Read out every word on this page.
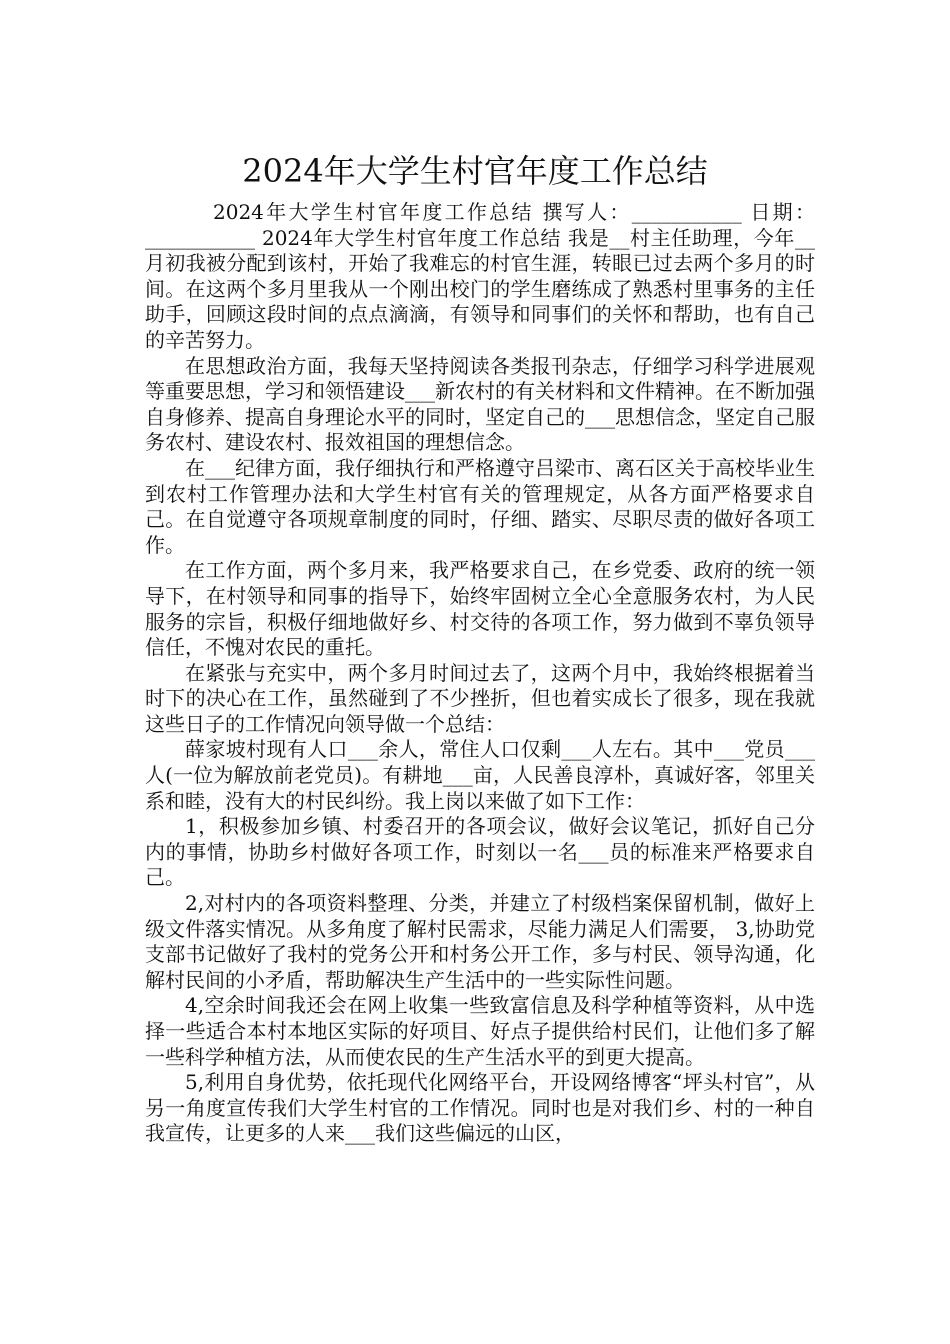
2024年大学生村官年度工作总结

2024年大学生村官年度工作总结 撰写人：___________ 日期：___________ 2024年大学生村官年度工作总结 我是__村主任助理，今年__月初我被分配到该村，开始了我难忘的村官生涯，转眼已过去两个多月的时间。在这两个多月里我从一个刚出校门的学生磨练成了熟悉村里事务的主任助手，回顾这段时间的点点滴滴，有领导和同事们的关怀和帮助，也有自己的辛苦努力。

在思想政治方面，我每天坚持阅读各类报刊杂志，仔细学习科学进展观等重要思想，学习和领悟建设___新农村的有关材料和文件精神。在不断加强自身修养、提高自身理论水平的同时，坚定自己的___思想信念，坚定自己服务农村、建设农村、报效祖国的理想信念。

在___纪律方面，我仔细执行和严格遵守吕梁市、离石区关于高校毕业生到农村工作管理办法和大学生村官有关的管理规定，从各方面严格要求自己。在自觉遵守各项规章制度的同时，仔细、踏实、尽职尽责的做好各项工作。

在工作方面，两个多月来，我严格要求自己，在乡党委、政府的统一领导下，在村领导和同事的指导下，始终牢固树立全心全意服务农村，为人民服务的宗旨，积极仔细地做好乡、村交待的各项工作，努力做到不辜负领导信任，不愧对农民的重托。

在紧张与充实中，两个多月时间过去了，这两个月中，我始终根据着当时下的决心在工作，虽然碰到了不少挫折，但也着实成长了很多，现在我就这些日子的工作情况向领导做一个总结：

薛家坡村现有人口___余人，常住人口仅剩___人左右。其中___党员___人(一位为解放前老党员)。有耕地___亩，人民善良淳朴，真诚好客，邻里关系和睦，没有大的村民纠纷。我上岗以来做了如下工作：

1，积极参加乡镇、村委召开的各项会议，做好会议笔记，抓好自己分内的事情，协助乡村做好各项工作，时刻以一名___员的标准来严格要求自己。

2,对村内的各项资料整理、分类，并建立了村级档案保留机制，做好上级文件落实情况。从多角度了解村民需求，尽能力满足人们需要， 3,协助党支部书记做好了我村的党务公开和村务公开工作，多与村民、领导沟通，化解村民间的小矛盾，帮助解决生产生活中的一些实际性问题。

4,空余时间我还会在网上收集一些致富信息及科学种植等资料，从中选择一些适合本村本地区实际的好项目、好点子提供给村民们，让他们多了解一些科学种植方法，从而使农民的生产生活水平的到更大提高。

5,利用自身优势，依托现代化网络平台，开设网络博客“坪头村官”，从另一角度宣传我们大学生村官的工作情况。同时也是对我们乡、村的一种自我宣传，让更多的人来___我们这些偏远的山区，
